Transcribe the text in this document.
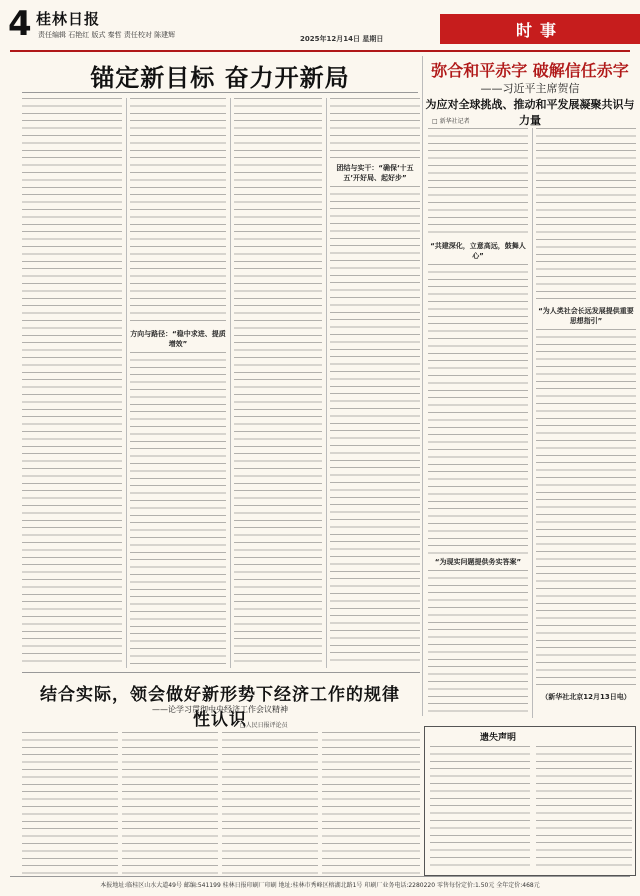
4 桂林日报
责任编辑 石艳红 版式 秦哲 责任校对 陈建辉	2025年12月14日 星期日	时事
锚定新目标 奋力开新局
方向与路径：“稳中求进、提质增效”
团结与实干：“确保‘十五五’开好局、起好步”
弥合和平赤字 破解信任赤字
——习近平主席贺信
为应对全球挑战、推动和平发展凝聚共识与力量
□ 新华社记者
“共建深化，立意高远，鼓舞人心”
“为现实问题提供务实答案”
“为人类社会长远发展提供重要思想指引”
（新华社北京12月13日电）
结合实际，领会做好新形势下经济工作的规律性认识
——论学习贯彻中央经济工作会议精神
□人民日报评论员
遗失声明
本报地址:临桂区山水大道49号 邮编:541199 桂林日报印刷厂印刷 地址:桂林市秀峰区榕湖北路1号 印刷厂业务电话:2280220 零售每份定价:1.50元 全年定价:468元
